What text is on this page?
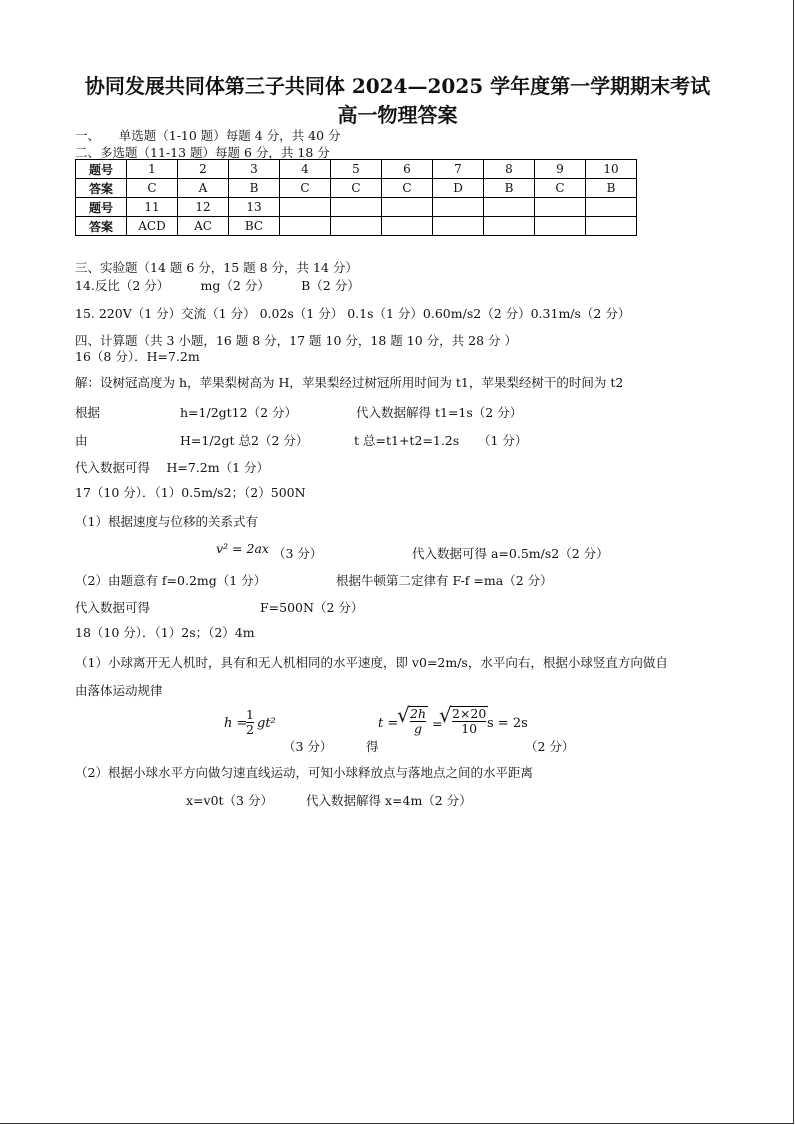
协同发展共同体第三子共同体 2024—2025 学年度第一学期期末考试
高一物理答案
一、　　单选题（1-10 题）每题 4 分，共 40 分
二、多选题（11-13 题）每题 6 分，共 18 分
题号	1	2	3	4	5	6	7	8	9	10
答案	C	A	B	C	C	C	D	B	C	B
题号	11	12	13							
答案	ACD	AC	BC							
三、实验题（14 题 6 分，15 题 8 分，共 14 分）
14.反比（2 分）　　　mg（2 分）　　　B（2 分）
15. 220V（1 分）交流（1 分） 0.02s（1 分） 0.1s（1 分）0.60m/s2（2 分）0.31m/s（2 分）
四、计算题（共 3 小题，16 题 8 分，17 题 10 分，18 题 10 分，共 28 分 ）
16（8 分）．H=7.2m
解：设树冠高度为 h，苹果梨树高为 H，苹果梨经过树冠所用时间为 t1，苹果梨经树干的时间为 t2
根据	h=1/2gt12（2 分）	代入数据解得 t1=1s（2 分）
由	H=1/2gt 总2（2 分）	t 总=t1+t2=1.2s （1 分）
代入数据可得　 H=7.2m（1 分）
17（10 分）．（1）0.5m/s2；（2）500N
（1）根据速度与位移的关系式有
v² = 2ax （3 分）	代入数据可得 a=0.5m/s2（2 分）
（2）由题意有 f=0.2mg（1 分）	根据牛顿第二定律有 F-f =ma（2 分）
代入数据可得	F=500N（2 分）
18（10 分）．（1）2s；（2）4m
（1）小球离开无人机时，具有和无人机相同的水平速度，即 v0=2m/s，水平向右，根据小球竖直方向做自
由落体运动规律
h =
$\frac{1}{2} gt^2$
（3 分）	得
t = √ $\frac{2h}{g}$ = √ $\frac{2\times 20}{10}$ s = 2s
（2 分）
（2）根据小球水平方向做匀速直线运动，可知小球释放点与落地点之间的水平距离
x=v0t（3 分）	代入数据解得 x=4m（2 分）
